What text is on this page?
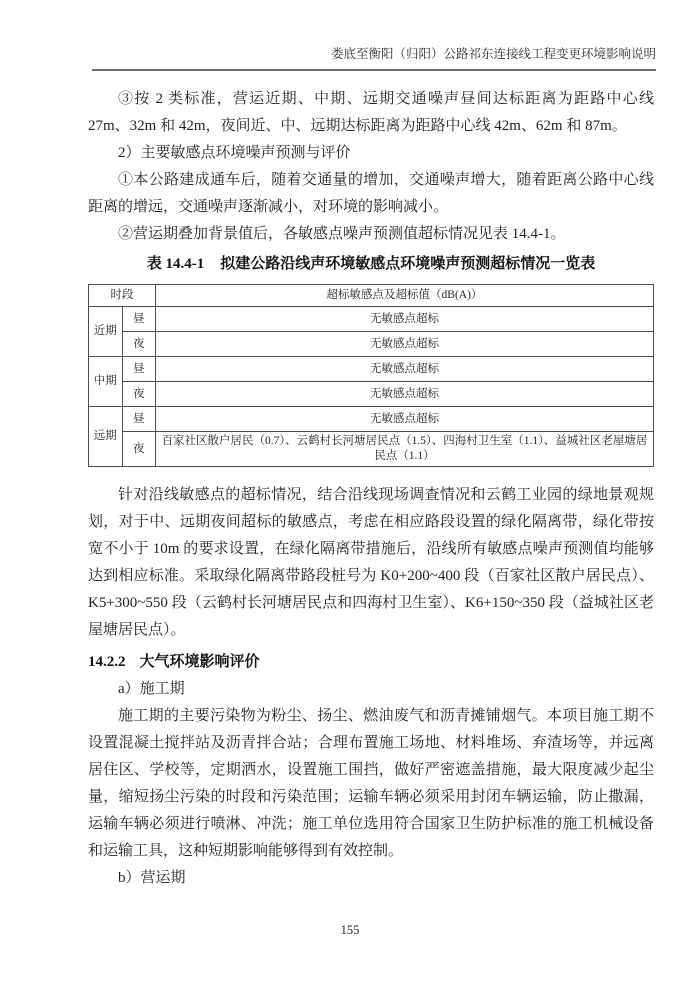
娄底至衡阳（归阳）公路祁东连接线工程变更环境影响说明

③按 2 类标准，营运近期、中期、远期交通噪声昼间达标距离为距路中心线 27m、32m 和 42m，夜间近、中、远期达标距离为距路中心线 42m、62m 和 87m。

2）主要敏感点环境噪声预测与评价

①本公路建成通车后，随着交通量的增加，交通噪声增大，随着距离公路中心线距离的增远，交通噪声逐渐减小，对环境的影响减小。

②营运期叠加背景值后，各敏感点噪声预测值超标情况见表 14.4-1。

表 14.4-1 拟建公路沿线声环境敏感点环境噪声预测超标情况一览表
时段		超标敏感点及超标值（dB(A)）
近期	昼	无敏感点超标
	夜	无敏感点超标
中期	昼	无敏感点超标
	夜	无敏感点超标
远期	昼	无敏感点超标
	夜	百家社区散户居民（0.7）、云鹤村长河塘居民点（1.5）、四海村卫生室（1.1）、益城社区老屋塘居民点（1.1）

针对沿线敏感点的超标情况，结合沿线现场调查情况和云鹤工业园的绿地景观规划，对于中、远期夜间超标的敏感点，考虑在相应路段设置的绿化隔离带，绿化带按宽不小于 10m 的要求设置，在绿化隔离带措施后，沿线所有敏感点噪声预测值均能够达到相应标准。采取绿化隔离带路段桩号为 K0+200~400 段（百家社区散户居民点）、K5+300~550 段（云鹤村长河塘居民点和四海村卫生室）、K6+150~350 段（益城社区老屋塘居民点）。

14.2.2 大气环境影响评价

a）施工期

施工期的主要污染物为粉尘、扬尘、燃油废气和沥青摊铺烟气。本项目施工期不设置混凝土搅拌站及沥青拌合站；合理布置施工场地、材料堆场、弃渣场等，并远离居住区、学校等，定期洒水，设置施工围挡，做好严密遮盖措施，最大限度减少起尘量，缩短扬尘污染的时段和污染范围；运输车辆必须采用封闭车辆运输，防止撒漏，运输车辆必须进行喷淋、冲洗；施工单位选用符合国家卫生防护标准的施工机械设备和运输工具，这种短期影响能够得到有效控制。

b）营运期

155
